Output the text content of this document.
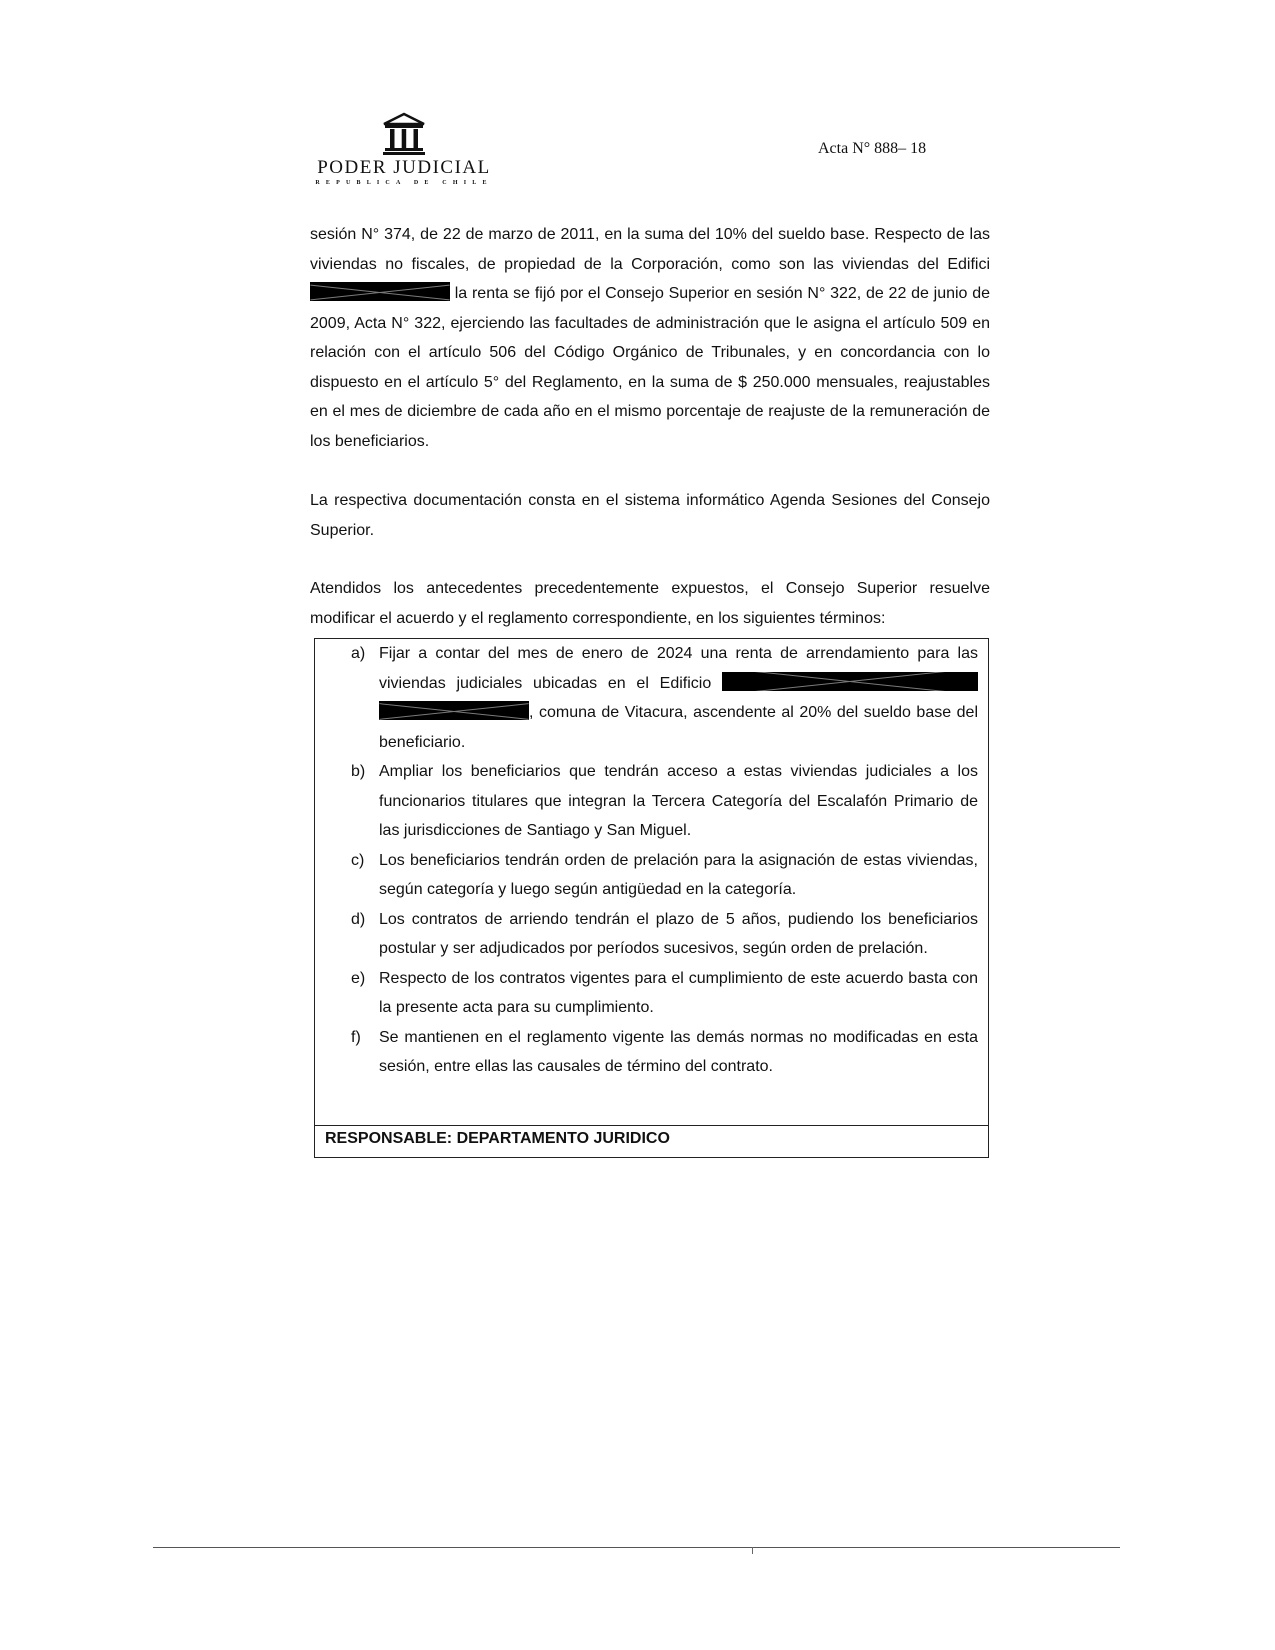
PODER JUDICIAL
REPUBLICA DE CHILE
Acta N° 888– 18
sesión N° 374, de 22 de marzo de 2011, en la suma del 10% del sueldo base. Respecto de las viviendas no fiscales, de propiedad de la Corporación, como son las viviendas del Edifici la renta se fijó por el Consejo Superior en sesión N° 322, de 22 de junio de 2009, Acta N° 322, ejerciendo las facultades de administración que le asigna el artículo 509 en relación con el artículo 506 del Código Orgánico de Tribunales, y en concordancia con lo dispuesto en el artículo 5° del Reglamento, en la suma de $ 250.000 mensuales, reajustables en el mes de diciembre de cada año en el mismo porcentaje de reajuste de la remuneración de los beneficiarios.
La respectiva documentación consta en el sistema informático Agenda Sesiones del Consejo Superior.
Atendidos los antecedentes precedentemente expuestos, el Consejo Superior resuelve modificar el acuerdo y el reglamento correspondiente, en los siguientes términos:
a) Fijar a contar del mes de enero de 2024 una renta de arrendamiento para las viviendas judiciales ubicadas en el Edificio  , comuna de Vitacura, ascendente al 20% del sueldo base del beneficiario.
b) Ampliar los beneficiarios que tendrán acceso a estas viviendas judiciales a los funcionarios titulares que integran la Tercera Categoría del Escalafón Primario de las jurisdicciones de Santiago y San Miguel.
c) Los beneficiarios tendrán orden de prelación para la asignación de estas viviendas, según categoría y luego según antigüedad en la categoría.
d) Los contratos de arriendo tendrán el plazo de 5 años, pudiendo los beneficiarios postular y ser adjudicados por períodos sucesivos, según orden de prelación.
e) Respecto de los contratos vigentes para el cumplimiento de este acuerdo basta con la presente acta para su cumplimiento.
f)	Se mantienen en el reglamento vigente las demás normas no modificadas en esta sesión, entre ellas las causales de término del contrato.
RESPONSABLE: DEPARTAMENTO JURIDICO
